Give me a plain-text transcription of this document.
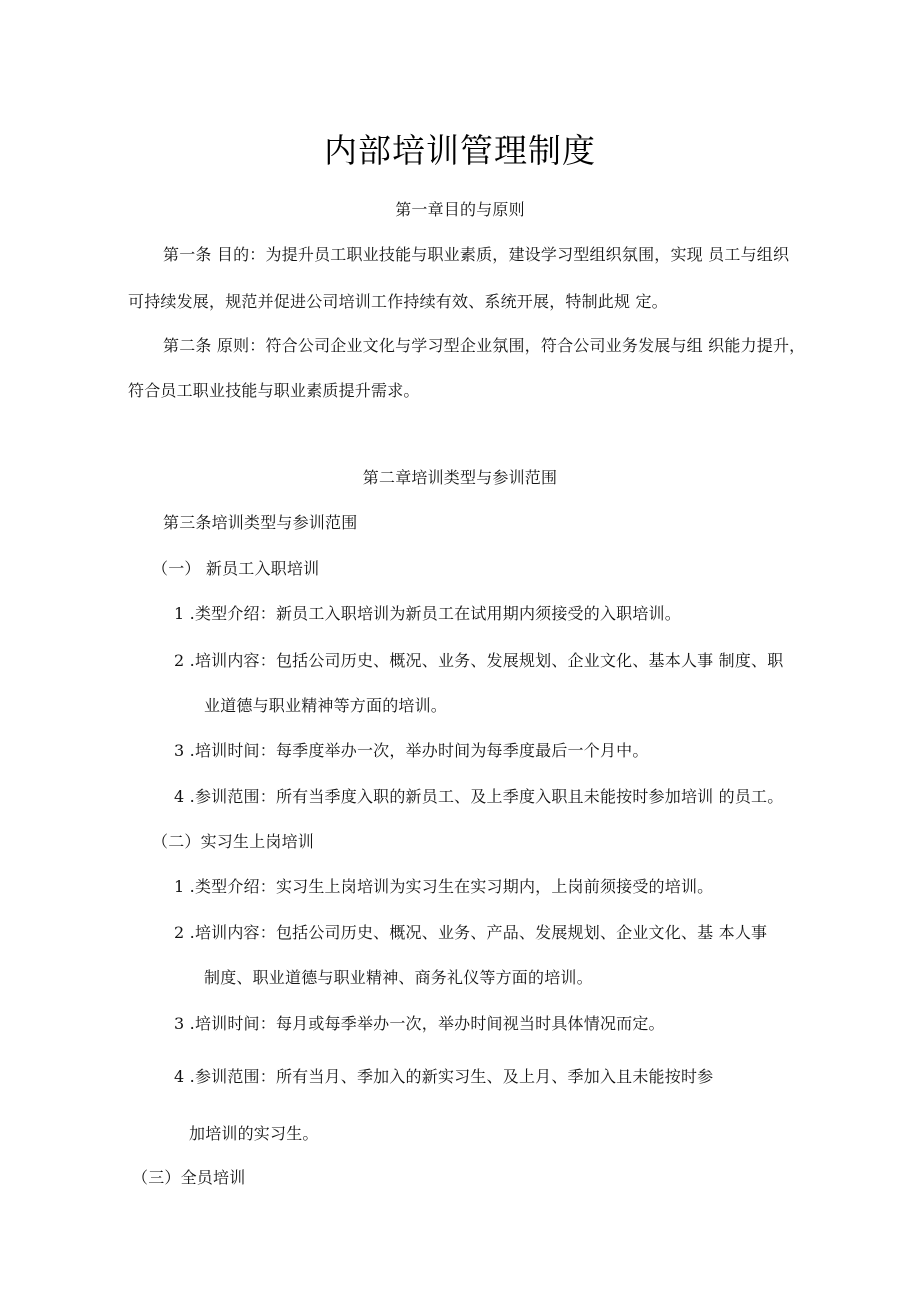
内部培训管理制度
第一章目的与原则
第一条 目的：为提升员工职业技能与职业素质，建设学习型组织氛围，实现 员工与组织
可持续发展，规范并促进公司培训工作持续有效、系统开展，特制此规 定。
第二条 原则：符合公司企业文化与学习型企业氛围，符合公司业务发展与组 织能力提升，
符合员工职业技能与职业素质提升需求。
第二章培训类型与参训范围
第三条培训类型与参训范围
（一） 新员工入职培训
1 .类型介绍：新员工入职培训为新员工在试用期内须接受的入职培训。
2 .培训内容：包括公司历史、概况、业务、发展规划、企业文化、基本人事 制度、职
业道德与职业精神等方面的培训。
3 .培训时间：每季度举办一次，举办时间为每季度最后一个月中。
4 .参训范围：所有当季度入职的新员工、及上季度入职且未能按时参加培训 的员工。
（二）实习生上岗培训
1 .类型介绍：实习生上岗培训为实习生在实习期内，上岗前须接受的培训。
2 .培训内容：包括公司历史、概况、业务、产品、发展规划、企业文化、基 本人事
制度、职业道德与职业精神、商务礼仪等方面的培训。
3 .培训时间：每月或每季举办一次，举办时间视当时具体情况而定。
4 .参训范围：所有当月、季加入的新实习生、及上月、季加入且未能按时参
加培训的实习生。
（三）全员培训
